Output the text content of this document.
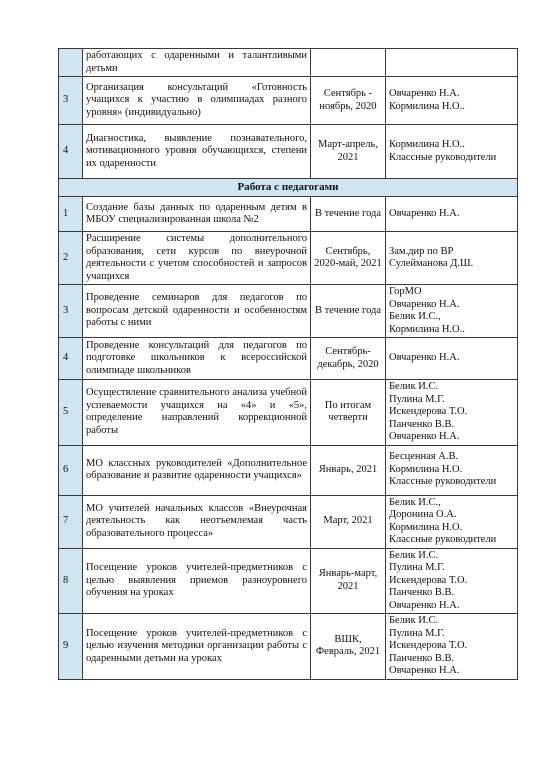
	работающих с одаренными и талантливыми детьми		
3	Организация консультаций «Готовность учащихся к участию в олимпиадах разного уровня» (индивидуально)	Сентябрь - ноябрь, 2020	Овчаренко Н.А.
Кормилина Н.О..

4	Диагностика, выявление познавательного, мотивационного уровня обучающихся, степени их одаренности	Март-апрель, 2021	Кормилина Н.О..
Классные руководители

Работа с педагогами			
1	Создание базы данных по одаренным детям в МБОУ специализированная школа №2	В течение года	Овчаренко Н.А.

2	Расширение системы дополнительного образования, сети курсов по внеурочной деятельности с учетом способностей и запросов учащихся	Сентябрь, 2020-май, 2021	Зам.дир по ВР
Сулейманова Д.Ш.

3	Проведение семинаров для педагогов по вопросам детской одаренности и особенностям работы с ними	В течение года	ГорМО
Овчаренко Н.А.
Белик И.С.,
Кормилина Н.О..

4	Проведение консультаций для педагогов по подготовке школьников к всероссийской олимпиаде школьников	Сентябрь-декабрь, 2020	Овчаренко Н.А.

5	Осуществление сравнительного анализа учебной успеваемости учащихся на «4» и «5», определение направлений коррекционной работы	По итогам четверти	Белик И.С.
Пулина М.Г.
Искендерова Т.О.
Панченко В.В.
Овчаренко Н.А.

6	МО классных руководителей «Дополнительное образование и развитие одаренности учащихся»	Январь, 2021	Бесценная А.В.
Кормилина Н.О.
Классные руководители

7	МО учителей начальных классов «Внеурочная деятельность как неотъемлемая часть образовательного процесса»	Март, 2021	Белик И.С.,
Доронина О.А.
Кормилина Н.О.
Классные руководители

8	Посещение уроков учителей-предметников с целью выявления приемов разноуровнего обучения на уроках	Январь-март, 2021	Белик И.С.
Пулина М.Г.
Искендерова Т.О.
Панченко В.В.
Овчаренко Н.А.

9	Посещение уроков учителей-предметников с целью изучения методики организации работы с одаренными детьми на уроках	ВШК, Февраль, 2021	Белик И.С.
Пулина М.Г.
Искендерова Т.О.
Панченко В.В.
Овчаренко Н.А.
